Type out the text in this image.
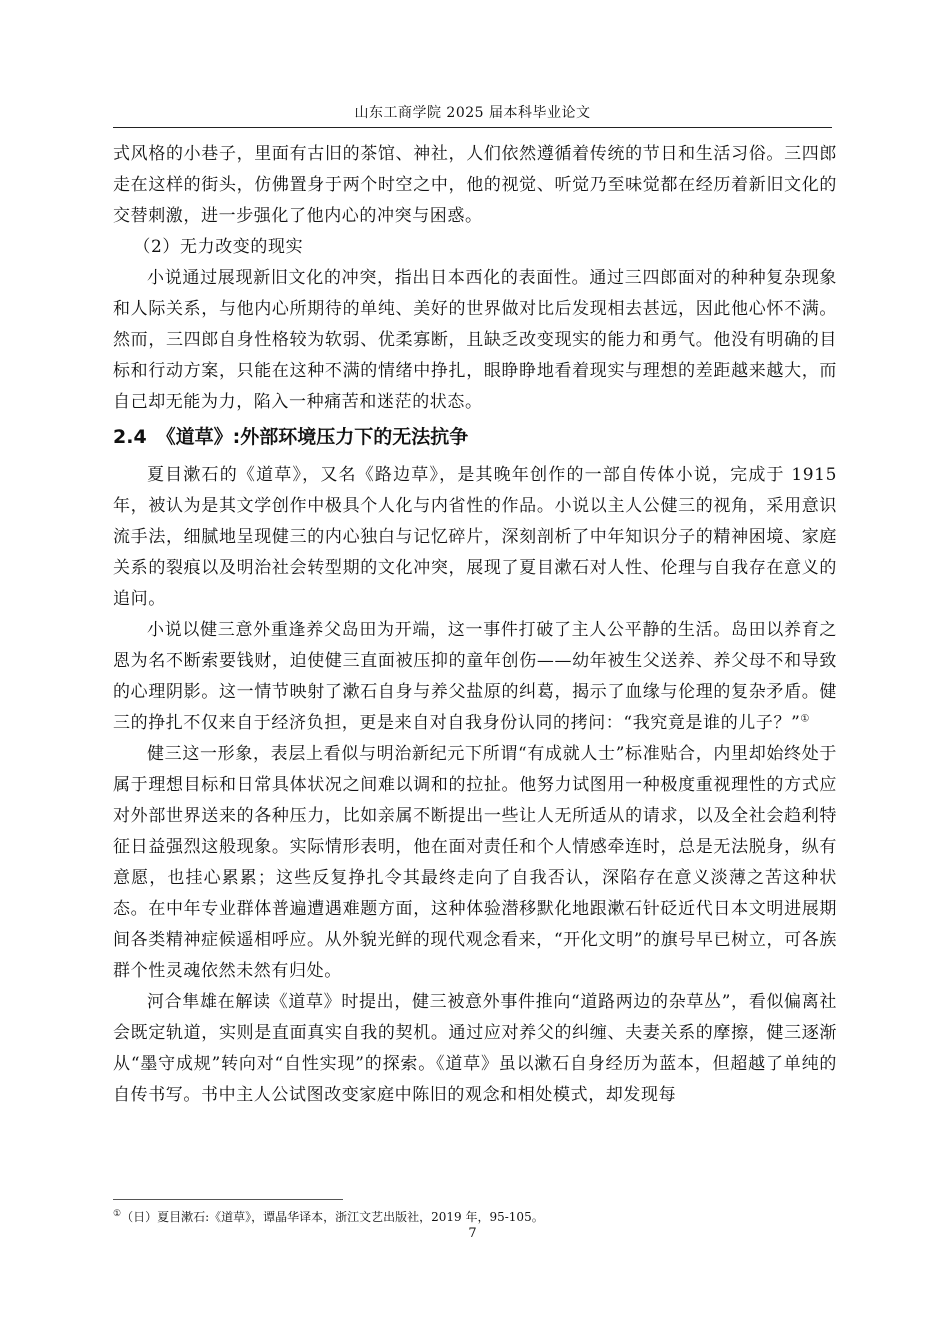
山东工商学院 2025 届本科毕业论文

式风格的小巷子，里面有古旧的茶馆、神社，人们依然遵循着传统的节日和生活习俗。三四郎走在这样的街头，仿佛置身于两个时空之中，他的视觉、听觉乃至味觉都在经历着新旧文化的交替刺激，进一步强化了他内心的冲突与困惑。

（2）无力改变的现实

小说通过展现新旧文化的冲突，指出日本西化的表面性。通过三四郎面对的种种复杂现象和人际关系，与他内心所期待的单纯、美好的世界做对比后发现相去甚远，因此他心怀不满。然而，三四郎自身性格较为软弱、优柔寡断，且缺乏改变现实的能力和勇气。他没有明确的目标和行动方案，只能在这种不满的情绪中挣扎，眼睁睁地看着现实与理想的差距越来越大，而自己却无能为力，陷入一种痛苦和迷茫的状态。

2.4 《道草》:外部环境压力下的无法抗争

夏目漱石的《道草》，又名《路边草》，是其晚年创作的一部自传体小说，完成于 1915 年，被认为是其文学创作中极具个人化与内省性的作品。小说以主人公健三的视角，采用意识流手法，细腻地呈现健三的内心独白与记忆碎片，深刻剖析了中年知识分子的精神困境、家庭关系的裂痕以及明治社会转型期的文化冲突，展现了夏目漱石对人性、伦理与自我存在意义的追问。

小说以健三意外重逢养父岛田为开端，这一事件打破了主人公平静的生活。岛田以养育之恩为名不断索要钱财，迫使健三直面被压抑的童年创伤——幼年被生父送养、养父母不和导致的心理阴影。这一情节映射了漱石自身与养父盐原的纠葛，揭示了血缘与伦理的复杂矛盾。健三的挣扎不仅来自于经济负担，更是来自对自我身份认同的拷问：“我究竟是谁的儿子？”①

健三这一形象，表层上看似与明治新纪元下所谓“有成就人士”标准贴合，内里却始终处于属于理想目标和日常具体状况之间难以调和的拉扯。他努力试图用一种极度重视理性的方式应对外部世界送来的各种压力，比如亲属不断提出一些让人无所适从的请求，以及全社会趋利特征日益强烈这般现象。实际情形表明，他在面对责任和个人情感牵连时，总是无法脱身，纵有意愿，也挂心累累；这些反复挣扎令其最终走向了自我否认，深陷存在意义淡薄之苦这种状态。在中年专业群体普遍遭遇难题方面，这种体验潜移默化地跟漱石针砭近代日本文明进展期间各类精神症候遥相呼应。从外貌光鲜的现代观念看来，“开化文明”的旗号早已树立，可各族群个性灵魂依然未然有归处。

河合隼雄在解读《道草》时提出，健三被意外事件推向“道路两边的杂草丛”，看似偏离社会既定轨道，实则是直面真实自我的契机。通过应对养父的纠缠、夫妻关系的摩擦，健三逐渐从“墨守成规”转向对“自性实现”的探索。《道草》虽以漱石自身经历为蓝本，但超越了单纯的自传书写。书中主人公试图改变家庭中陈旧的观念和相处模式，却发现每

①（日）夏目漱石:《道草》，谭晶华译本，浙江文艺出版社，2019 年，95-105。
7
